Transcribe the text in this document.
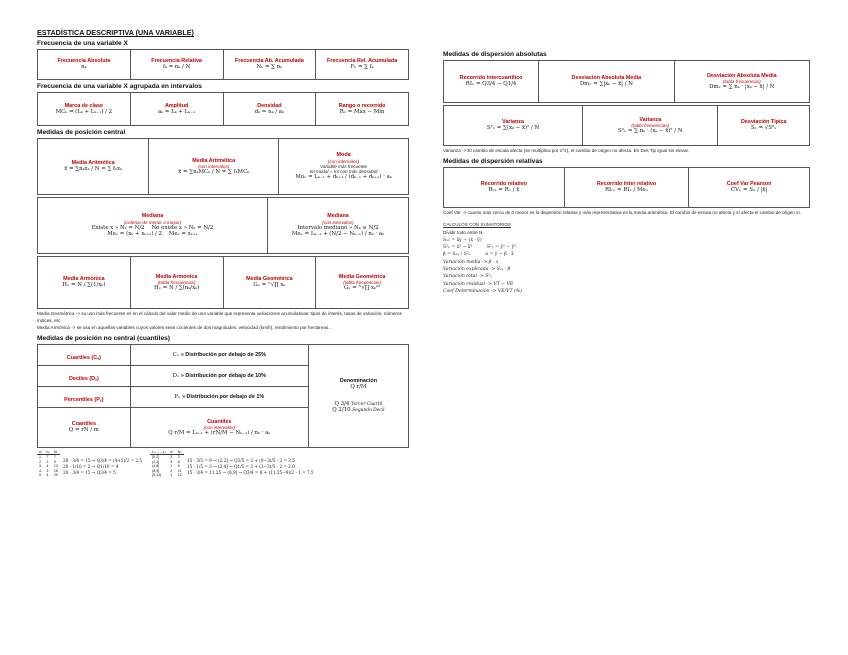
ESTADÍSTICA DESCRIPTIVA (UNA VARIABLE)
Frecuencia de una variable X
Frecuencia Absoluta
nₖ

Frecuencia Relativa
fₖ = nₖ / N

Frecuencia Ab. Acumulada
Nₖ = ∑ nₖ

Frecuencia Rel. Acumulada
Fₖ = ∑ fₖ
Frecuencia de una variable X agrupada en intervalos
Marca de clase
MCₖ = (Lₖ + Lₖ₋₁) / 2

Amplitud
aₖ = Lₖ + Lₖ₋₁

Densidad
dₖ = nₖ / aₖ

Rango o recorrido
Rₓ = Máx − Mín
Medidas de posición central
Media Aritmética
x̄ = ∑nₖxₖ / N = ∑ fₖxₖ

Media Aritmética
(con intervalos)
x̄ = ∑nₖMCₖ / N = ∑ fₖMCₖ

Moda
(con intervalos)
Variable más frecuente
Int modal = Int con más densidad
Moₓ = Lₖ₋₁ + dₖ₊₁ / (dₖ₋₁ + dₖ₊₁) · aₖ
Mediana
(ordenar de menor a mayor)
Existe x » Nₖ = N/2 No existe x » Nₖ = N/2
Meₓ = (xₖ + xₖ₊₁) / 2 Meₓ = xₖ₊₁

Mediana
(con intervalos)
Intervalo mediano » Nₖ ≥ N/2
Meₓ = Lₖ₋₁ + (N/2 − Nₖ₋₁) / nₖ · aₖ
Media Armónica
Hₓ = N / ∑(1/xₖ)

Media Armónica
(tabla frecuencias)
Hₓ = N / ∑(nₖ/xₖ)

Media Geométrica
Gₓ = ᴺ√∏ xₖ

Media Geométrica
(tabla frecuencias)
Gₓ = ᴺ√∏ xₖⁿᵏ
Media Geométrica -> su uso más frecuente es en el cálculo del valor medio de una variable que representa variaciones acumulativas: tipos de interés, tasas de variación, números índices, etc.
Media Armónica -> se usa en aquellas variables cuyos valores sean cocientes de dos magnitudes: velocidad (km/h), rendimiento por hectáreas...
Medidas de posición no central (cuantiles)
Cuartiles (Cₓ)	Cₓ » Distribución por debajo de 25%	Denominación
Q r/M
Q 3/4 Tercer Cuartil
Q 2/10 Segundo Decil

Deciles (Dₓ)	Dₓ » Distribución por debajo de 10%	
Percentiles (Pₓ)	Pₓ » Distribución por debajo de 1%	

Cuantiles
Q = rN / m	Cuantiles
(con intervalos)
Q r/M = Lₖ₋₁ + (rN/M − Nₖ₋₁) / nₖ · aₖ	
xₖ	nₖ	Nₖ
1	7	7
2	2	9
3	4	13
4	3	16
5	4	20
20 · 3/4 = 15 → Q3/4 = (4+5)/2 = 2.5
20 · 1/10 = 2 → Q1/10 = 4
20 · 3/4 = 15 → Q3/4 = 5
Lₖ₋₁ – Lₖ	nₖ	Nₖ
[0,2]	3	3
(2,4]	5	8
(4,8]	1	9
(8,9]	2	11
(9,12]	1	12
15 · 3/5 = 9 → (2,2] → Q3/5 = 2 + (9−3)/5 · 2 = 3.5
15 · 1/5 = 3 → (2,4] → Q1/5 = 2 + (3−3)/5 · 2 = 2.0
15 · 3/4 = 11.25 → (8,9] → Q3/4 = 8 + (11.25−9)/2 · 1 = 7.5
Medidas de dispersión absolutas
Recorrido intercuartílico
RIₓ = Q3/4 − Q1/4

Desviación Absoluta Media
Dmₓ = ∑|xₖ − x̄| / N

Desviación Absoluta Media
(tabla frecuencias)
Dmₓ = ∑ nₖ · |xₖ − x̄| / N
Varianza
S²ₓ = ∑(xₖ − x̄)² / N

Varianza
(tabla frecuencias)
S²ₓ = ∑ nₖ · (xₖ − x̄)² / N

Desviación Típica
Sₓ = √S²ₓ
Varianza -> El cambio de escala afecta (se multiplica por x^2), el cambio de origen no afecta. En Des Tip igual sin elevar.
Medidas de dispersión relativas
Recorrido relativo
Rᵣₓ = Rₓ / x̄

Recorrido inter relativo
RIᵣₓ = RIₓ / Meₓ

Coef Var Pearson
CVₓ = Sₓ / |x̄|
Coef Var -> cuanto más cerca de 0 menor es la dispersión relativa y más representativa es la media aritmética. El cambio de escala no afecta y sí afecta el cambio de origen sí.
CALCULOS CON SUMATORIOS
Dividir todo entre N.
Sₓᵧ = x̄y − (x̄ · ȳ)
S²ₓ = x̄² − x̄²          S²ᵧ = ȳ² − ȳ²
β = Sₓᵧ / S²ₓ          a = ȳ − β · x̄
Variación media -> β · x
Variación explicada -> Sₓᵧ · β
Variación total -> S²ᵧ
Variación residual -> VT − VE
Coef Determinación -> VE/VT (%)
